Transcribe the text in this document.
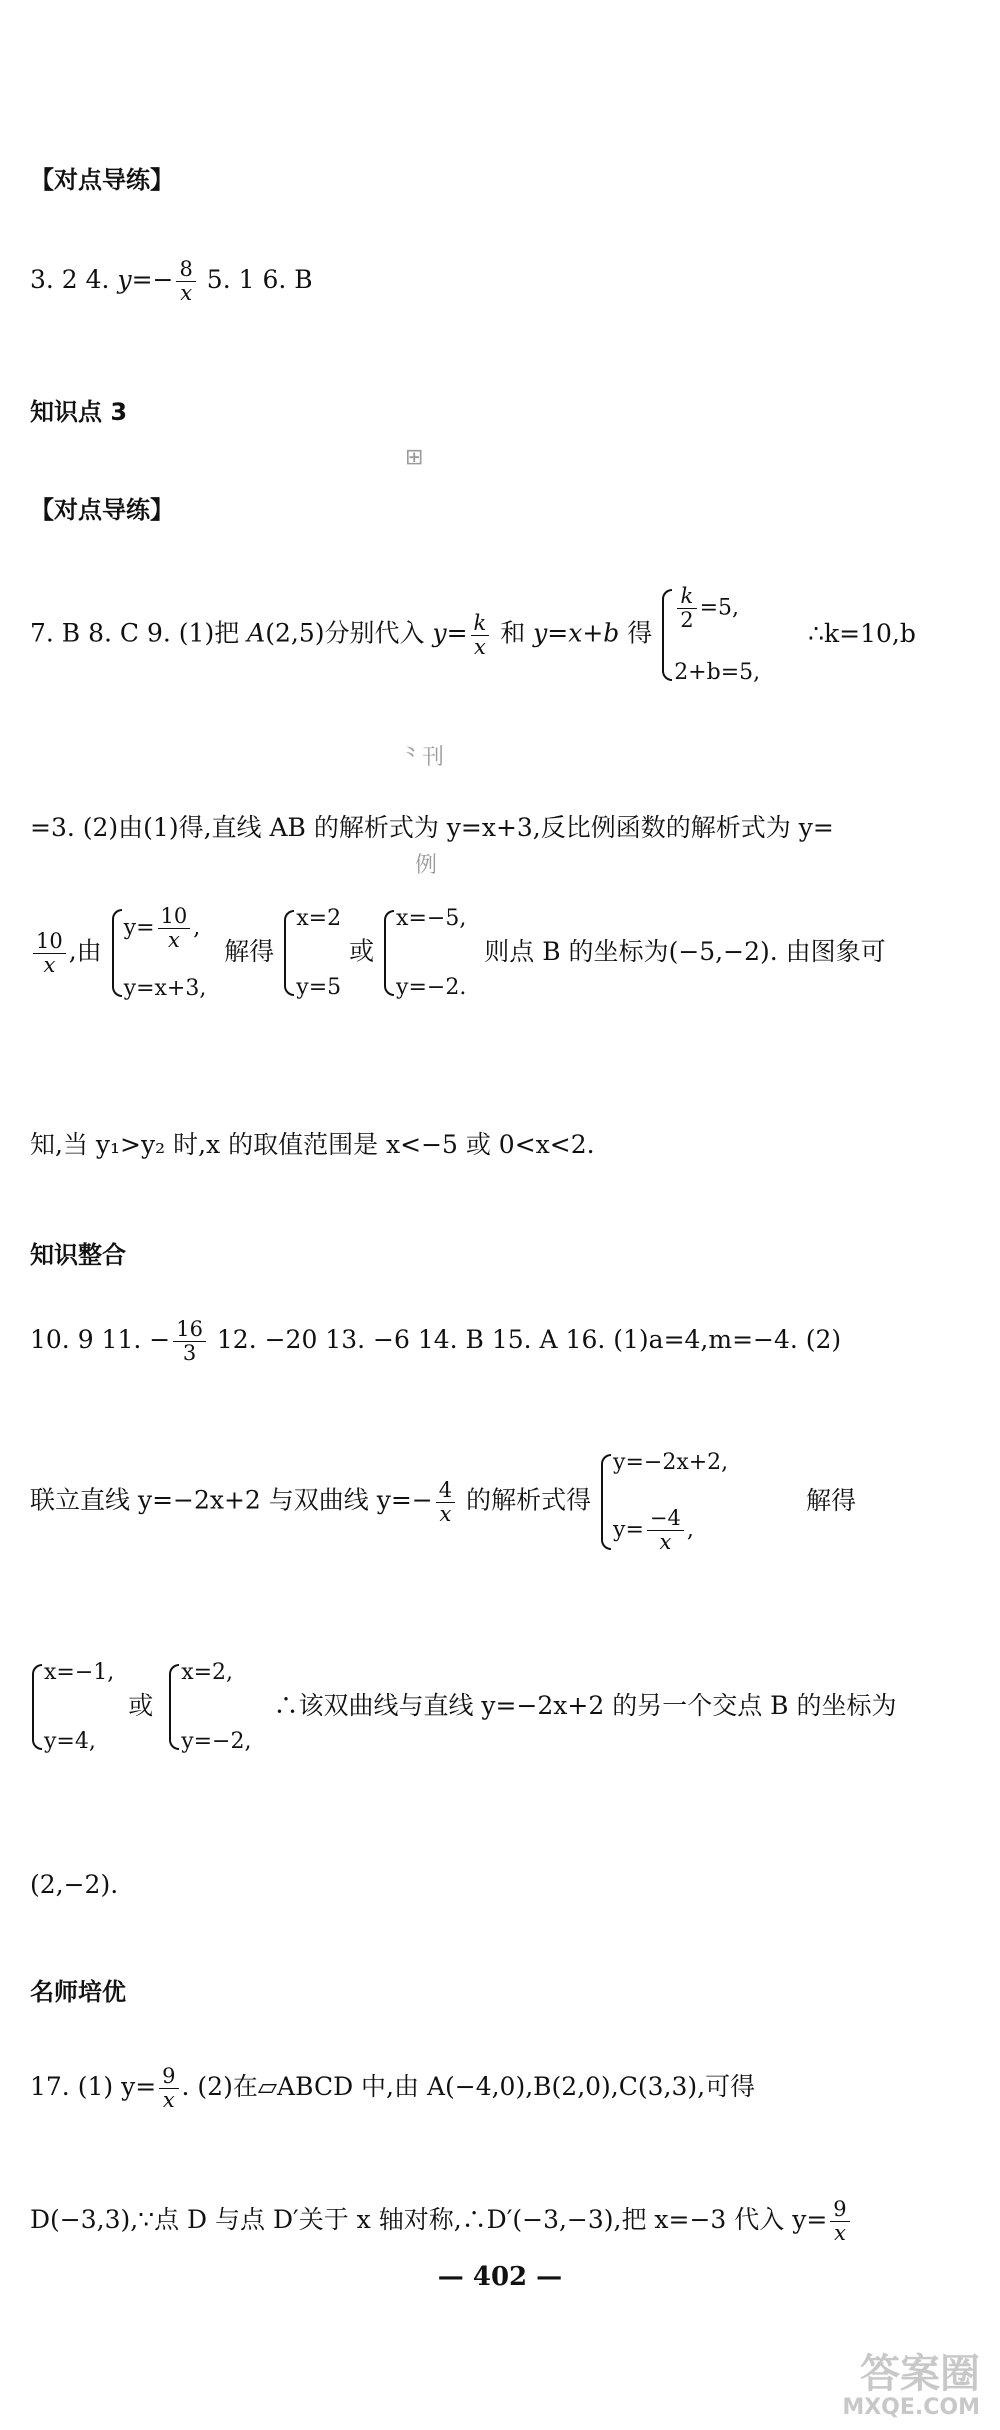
【对点导练】
3. 2 4. $y=- \frac{8}{x} 5$. 1 6. B
知识点 3
⊞
【对点导练】
7. B 8. C 9. (1)把 A(2,5)分别代入 $y= \frac{k}{x}$ 和 y=x+b 得
$\frac{k}{2} =5$,
2+b=5,
∴k=10,b
⺀刊
=3. (2)由(1)得,直线 AB 的解析式为 y=x+3,反比例函数的解析式为 y=
例
$\frac{10}{x}$ ,由
$y= \frac{10}{x}$ ,
y=x+3,
解得
x=2
y=5
或
x=−5,
y=−2.
则点 B 的坐标为(−5,−2). 由图象可
知,当 y₁>y₂ 时,x 的取值范围是 x<−5 或 0<x<2.
知识整合
10. 9 11. − $\frac{16}{3} 12$. −20 13. −6 14. B 15. A 16. (1)a=4,m=−4. (2)
联立直线 y=−2x+2 与双曲线 $y=- \frac{4}{x}$ 的解析式得
y=−2x+2,
$y= \frac{-4}{x}$ ,
解得
x=−1,
y=4,
或
x=2,
y=−2,
∴该双曲线与直线 y=−2x+2 的另一个交点 B 的坐标为
(2,−2).
名师培优
17. (1) $y= \frac{9}{x}$ . (2)在▱ABCD 中,由 A(−4,0),B(2,0),C(3,3),可得
D(−3,3),∵点 D 与点 D′关于 x 轴对称,∴D′(−3,−3),把 x=−3 代入 $y= \frac{9}{x}$
— 402 —
答案圈
MXQE.COM
